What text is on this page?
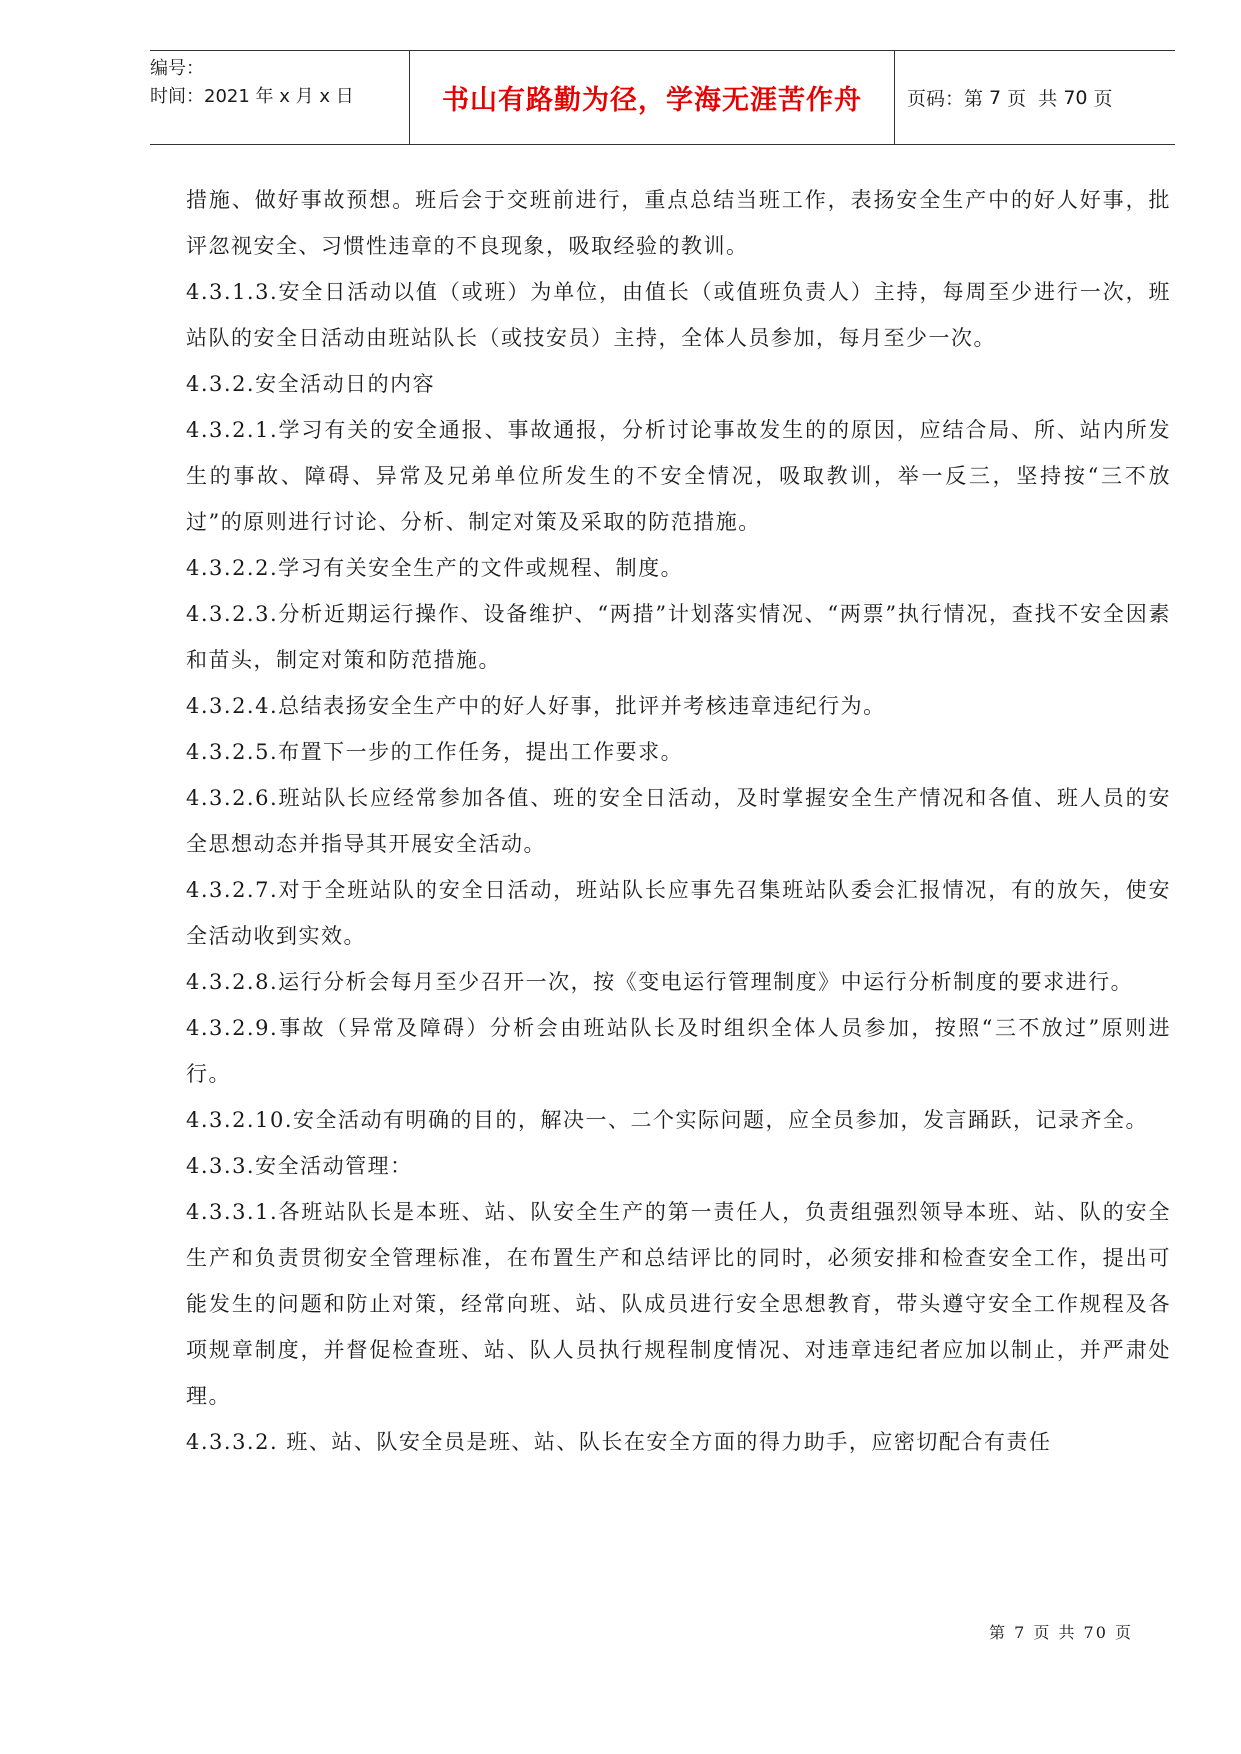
编号：
时间：2021 年 x 月 x 日	书山有路勤为径，学海无涯苦作舟 页码：第 7 页  共 70 页

措施、做好事故预想。班后会于交班前进行，重点总结当班工作，表扬安全生产中的好人好事，批评忽视安全、习惯性违章的不良现象，吸取经验的教训。

4.3.1.3.安全日活动以值（或班）为单位，由值长（或值班负责人）主持，每周至少进行一次，班站队的安全日活动由班站队长（或技安员）主持，全体人员参加，每月至少一次。

4.3.2.安全活动日的内容

4.3.2.1.学习有关的安全通报、事故通报，分析讨论事故发生的的原因，应结合局、所、站内所发生的事故、障碍、异常及兄弟单位所发生的不安全情况，吸取教训，举一反三，坚持按“三不放过”的原则进行讨论、分析、制定对策及采取的防范措施。

4.3.2.2.学习有关安全生产的文件或规程、制度。

4.3.2.3.分析近期运行操作、设备维护、“两措”计划落实情况、“两票”执行情况，查找不安全因素和苗头，制定对策和防范措施。

4.3.2.4.总结表扬安全生产中的好人好事，批评并考核违章违纪行为。

4.3.2.5.布置下一步的工作任务，提出工作要求。

4.3.2.6.班站队长应经常参加各值、班的安全日活动，及时掌握安全生产情况和各值、班人员的安全思想动态并指导其开展安全活动。

4.3.2.7.对于全班站队的安全日活动，班站队长应事先召集班站队委会汇报情况，有的放矢，使安全活动收到实效。

4.3.2.8.运行分析会每月至少召开一次，按《变电运行管理制度》中运行分析制度的要求进行。

4.3.2.9.事故（异常及障碍）分析会由班站队长及时组织全体人员参加，按照“三不放过”原则进行。

4.3.2.10.安全活动有明确的目的，解决一、二个实际问题，应全员参加，发言踊跃，记录齐全。

4.3.3.安全活动管理：

4.3.3.1.各班站队长是本班、站、队安全生产的第一责任人，负责组强烈领导本班、站、队的安全生产和负责贯彻安全管理标准，在布置生产和总结评比的同时，必须安排和检查安全工作，提出可能发生的问题和防止对策，经常向班、站、队成员进行安全思想教育，带头遵守安全工作规程及各项规章制度，并督促检查班、站、队人员执行规程制度情况、对违章违纪者应加以制止，并严肃处理。

4.3.3.2. 班、站、队安全员是班、站、队长在安全方面的得力助手，应密切配合有责任

第 7 页 共 70 页
